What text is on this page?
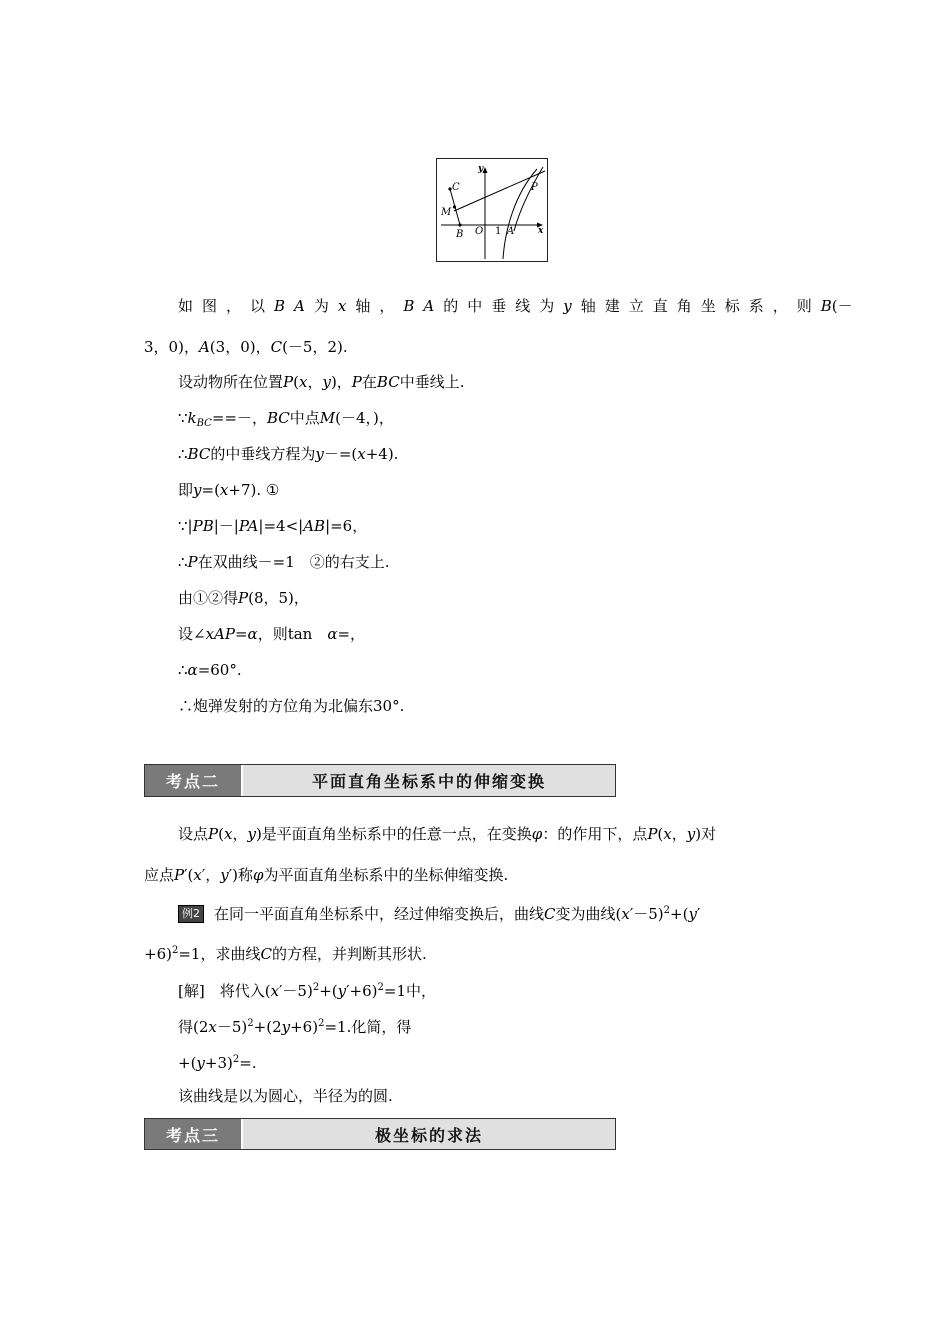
y
x
C
M
P
B O 1 A
如图，以BA为x轴，BA的中垂线为y轴建立直角坐标系，则B(－
3，0)，A(3，0)，C(－5，2).
设动物所在位置P(x，y)，P在BC中垂线上.
$\because k_{BC}==-$，BC中点M(－4，)，
∴BC的中垂线方程为y－=(x+4).
即y=(x+7). ①
∵|PB|－|PA|=4<|AB|=6，
∴P在双曲线－=1　②的右支上.
由①②得P(8，5)，
设∠xAP=α，则tan　α=，
∴α=60°.
∴炮弹发射的方位角为北偏东30°.
考点二	平面直角坐标系中的伸缩变换
设点P(x，y)是平面直角坐标系中的任意一点，在变换φ：的作用下，点P(x，y)对
应点P′(x′，y′)称φ为平面直角坐标系中的坐标伸缩变换.
例2 在同一平面直角坐标系中，经过伸缩变换后，曲线C变为曲线$(x'-5)^2+(y'$
+6)$^2$=1，求曲线C的方程，并判断其形状.
[解]　将代入$(x'-5)^2+(y'+6)^2=1$中，
得$(2x-5)^2+(2y+6)^2=1$.化简，得
$+(y+3)^2=$.
该曲线是以为圆心，半径为的圆.
考点三	极坐标的求法
